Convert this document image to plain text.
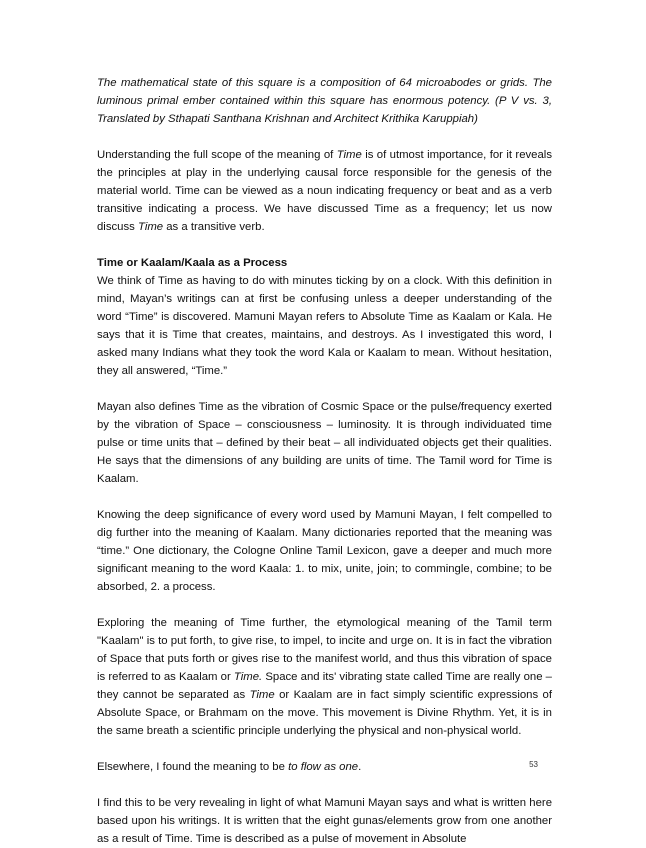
The mathematical state of this square is a composition of 64 microabodes or grids. The luminous primal ember contained within this square has enormous potency. (P V vs. 3, Translated by Sthapati Santhana Krishnan and Architect Krithika Karuppiah)

Understanding the full scope of the meaning of Time is of utmost importance, for it reveals the principles at play in the underlying causal force responsible for the genesis of the material world. Time can be viewed as a noun indicating frequency or beat and as a verb transitive indicating a process. We have discussed Time as a frequency; let us now discuss Time as a transitive verb.

Time or Kaalam/Kaala as a Process

We think of Time as having to do with minutes ticking by on a clock. With this definition in mind, Mayan’s writings can at first be confusing unless a deeper understanding of the word “Time” is discovered. Mamuni Mayan refers to Absolute Time as Kaalam or Kala. He says that it is Time that creates, maintains, and destroys. As I investigated this word, I asked many Indians what they took the word Kala or Kaalam to mean. Without hesitation, they all answered, “Time.”

Mayan also defines Time as the vibration of Cosmic Space or the pulse/frequency exerted by the vibration of Space – consciousness – luminosity. It is through individuated time pulse or time units that – defined by their beat – all individuated objects get their qualities. He says that the dimensions of any building are units of time. The Tamil word for Time is Kaalam.

Knowing the deep significance of every word used by Mamuni Mayan, I felt compelled to dig further into the meaning of Kaalam. Many dictionaries reported that the meaning was “time.” One dictionary, the Cologne Online Tamil Lexicon, gave a deeper and much more significant meaning to the word Kaala: 1. to mix, unite, join; to commingle, combine; to be absorbed, 2. a process.

Exploring the meaning of Time further, the etymological meaning of the Tamil term "Kaalam" is to put forth, to give rise, to impel, to incite and urge on. It is in fact the vibration of Space that puts forth or gives rise to the manifest world, and thus this vibration of space is referred to as Kaalam or Time. Space and its' vibrating state called Time are really one – they cannot be separated as Time or Kaalam are in fact simply scientific expressions of Absolute Space, or Brahmam on the move. This movement is Divine Rhythm. Yet, it is in the same breath a scientific principle underlying the physical and non-physical world.

Elsewhere, I found the meaning to be to flow as one.

I find this to be very revealing in light of what Mamuni Mayan says and what is written here based upon his writings. It is written that the eight gunas/elements grow from one another as a result of Time. Time is described as a pulse of movement in Absolute

53
